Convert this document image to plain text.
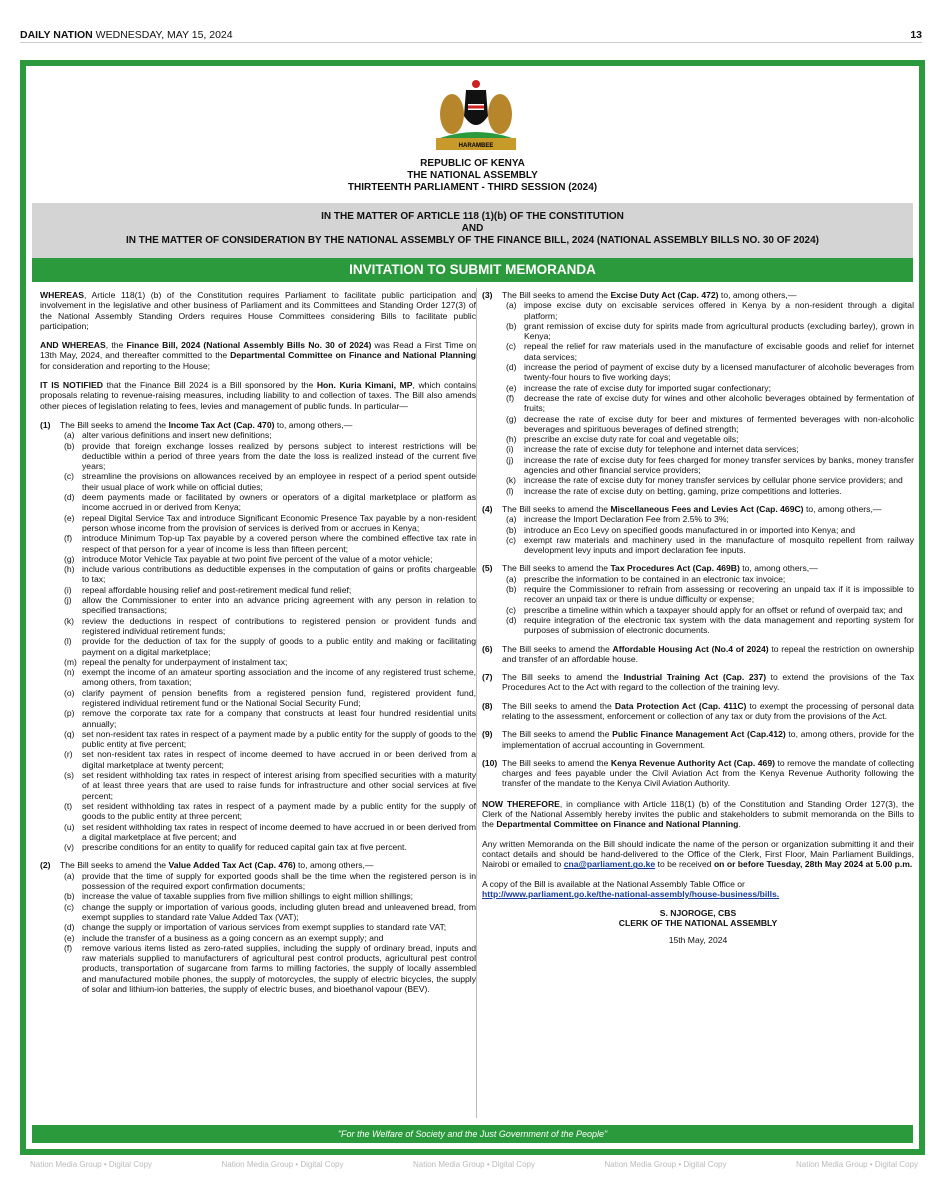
DAILY NATION WEDNESDAY, MAY 15, 2024	13
HARAMBEE
REPUBLIC OF KENYA
THE NATIONAL ASSEMBLY
THIRTEENTH PARLIAMENT - THIRD SESSION (2024)
IN THE MATTER OF ARTICLE 118 (1)(b) OF THE CONSTITUTION
AND
IN THE MATTER OF CONSIDERATION BY THE NATIONAL ASSEMBLY OF THE FINANCE BILL, 2024 (NATIONAL ASSEMBLY BILLS NO. 30 OF 2024)
INVITATION TO SUBMIT MEMORANDA

WHEREAS, Article 118(1) (b) of the Constitution requires Parliament to facilitate public participation and involvement in the legislative and other business of Parliament and its Committees and Standing Order 127(3) of the National Assembly Standing Orders requires House Committees considering Bills to facilitate public participation;

AND WHEREAS, the Finance Bill, 2024 (National Assembly Bills No. 30 of 2024) was Read a First Time on 13th May, 2024, and thereafter committed to the Departmental Committee on Finance and National Planning for consideration and reporting to the House;

IT IS NOTIFIED that the Finance Bill 2024 is a Bill sponsored by the Hon. Kuria Kimani, MP, which contains proposals relating to revenue-raising measures, including liability to and collection of taxes. The Bill also amends other pieces of legislation relating to fees, levies and management of public funds. In particular—

(1)	The Bill seeks to amend the Income Tax Act (Cap. 470) to, among others,—
(a) alter various definitions and insert new definitions;
(b) provide that foreign exchange losses realized by persons subject to interest restrictions will be deductible within a period of three years from the date the loss is realized instead of the current five years;
(c) streamline the provisions on allowances received by an employee in respect of a period spent outside their usual place of work while on official duties;
(d) deem payments made or facilitated by owners or operators of a digital marketplace or platform as income accrued in or derived from Kenya;
(e) repeal Digital Service Tax and introduce Significant Economic Presence Tax payable by a non-resident person whose income from the provision of services is derived from or accrues in Kenya;
(f)	introduce Minimum Top-up Tax payable by a covered person where the combined effective tax rate in respect of that person for a year of income is less than fifteen percent;
(g) introduce Motor Vehicle Tax payable at two point five percent of the value of a motor vehicle;
(h) include various contributions as deductible expenses in the computation of gains or profits chargeable to tax;
(i)	repeal affordable housing relief and post-retirement medical fund relief;
(j)	allow the Commissioner to enter into an advance pricing agreement with any person in relation to specified transactions;
(k) review the deductions in respect of contributions to registered pension or provident funds and registered individual retirement funds;
(l)	provide for the deduction of tax for the supply of goods to a public entity and making or facilitating payment on a digital marketplace;
(m) repeal the penalty for underpayment of instalment tax;
(n) exempt the income of an amateur sporting association and the income of any registered trust scheme, among others, from taxation;
(o) clarify payment of pension benefits from a registered pension fund, registered provident fund, registered individual retirement fund or the National Social Security Fund;
(p) remove the corporate tax rate for a company that constructs at least four hundred residential units annually;
(q) set non-resident tax rates in respect of a payment made by a public entity for the supply of goods to the public entity at five percent;
(r)	set non-resident tax rates in respect of income deemed to have accrued in or been derived from a digital marketplace at twenty percent;
(s) set resident withholding tax rates in respect of interest arising from specified securities with a maturity of at least three years that are used to raise funds for infrastructure and other social services at five percent;
(t)	set resident withholding tax rates in respect of a payment made by a public entity for the supply of goods to the public entity at three percent;
(u) set resident withholding tax rates in respect of income deemed to have accrued in or been derived from a digital marketplace at five percent; and
(v) prescribe conditions for an entity to qualify for reduced capital gain tax at five percent.
(2)	The Bill seeks to amend the Value Added Tax Act (Cap. 476) to, among others,—
(a) provide that the time of supply for exported goods shall be the time when the registered person is in possession of the required export confirmation documents;
(b) increase the value of taxable supplies from five million shillings to eight million shillings;
(c) change the supply or importation of various goods, including gluten bread and unleavened bread, from exempt supplies to standard rate Value Added Tax (VAT);
(d) change the supply or importation of various services from exempt supplies to standard rate VAT;
(e) include the transfer of a business as a going concern as an exempt supply; and
(f)	remove various items listed as zero-rated supplies, including the supply of ordinary bread, inputs and raw materials supplied to manufacturers of agricultural pest control products, agricultural pest control products, transportation of sugarcane from farms to milling factories, the supply of locally assembled and manufactured mobile phones, the supply of motorcycles, the supply of electric bicycles, the supply of solar and lithium-ion batteries, the supply of electric buses, and bioethanol vapour (BEV).
(3)	The Bill seeks to amend the Excise Duty Act (Cap. 472) to, among others,—
(a) impose excise duty on excisable services offered in Kenya by a non-resident through a digital platform;
(b) grant remission of excise duty for spirits made from agricultural products (excluding barley), grown in Kenya;
(c) repeal the relief for raw materials used in the manufacture of excisable goods and relief for internet data services;
(d) increase the period of payment of excise duty by a licensed manufacturer of alcoholic beverages from twenty-four hours to five working days;
(e) increase the rate of excise duty for imported sugar confectionary;
(f)	decrease the rate of excise duty for wines and other alcoholic beverages obtained by fermentation of fruits;
(g) decrease the rate of excise duty for beer and mixtures of fermented beverages with non-alcoholic beverages and spirituous beverages of defined strength;
(h) prescribe an excise duty rate for coal and vegetable oils;
(i)	increase the rate of excise duty for telephone and internet data services;
(j)	increase the rate of excise duty for fees charged for money transfer services by banks, money transfer agencies and other financial service providers;
(k) increase the rate of excise duty for money transfer services by cellular phone service providers; and
(l)	increase the rate of excise duty on betting, gaming, prize competitions and lotteries.
(4)	The Bill seeks to amend the Miscellaneous Fees and Levies Act (Cap. 469C) to, among others,—
(a) increase the Import Declaration Fee from 2.5% to 3%;
(b) introduce an Eco Levy on specified goods manufactured in or imported into Kenya; and
(c) exempt raw materials and machinery used in the manufacture of mosquito repellent from railway development levy inputs and import declaration fee inputs.
(5)	The Bill seeks to amend the Tax Procedures Act (Cap. 469B) to, among others,—
(a) prescribe the information to be contained in an electronic tax invoice;
(b) require the Commissioner to refrain from assessing or recovering an unpaid tax if it is impossible to recover an unpaid tax or there is undue difficulty or expense;
(c) prescribe a timeline within which a taxpayer should apply for an offset or refund of overpaid tax; and
(d) require integration of the electronic tax system with the data management and reporting system for purposes of submission of electronic documents.
(6)	The Bill seeks to amend the Affordable Housing Act (No.4 of 2024) to repeal the restriction on ownership and transfer of an affordable house.
(7)	The Bill seeks to amend the Industrial Training Act (Cap. 237) to extend the provisions of the Tax Procedures Act to the Act with regard to the collection of the training levy.
(8)	The Bill seeks to amend the Data Protection Act (Cap. 411C) to exempt the processing of personal data relating to the assessment, enforcement or collection of any tax or duty from the provisions of the Act.
(9)	The Bill seeks to amend the Public Finance Management Act (Cap.412) to, among others, provide for the implementation of accrual accounting in Government.
(10) The Bill seeks to amend the Kenya Revenue Authority Act (Cap. 469) to remove the mandate of collecting charges and fees payable under the Civil Aviation Act from the Kenya Revenue Authority following the transfer of the mandate to the Kenya Civil Aviation Authority.

NOW THEREFORE, in compliance with Article 118(1) (b) of the Constitution and Standing Order 127(3), the Clerk of the National Assembly hereby invites the public and stakeholders to submit memoranda on the Bills to the Departmental Committee on Finance and National Planning.

Any written Memoranda on the Bill should indicate the name of the person or organization submitting it and their contact details and should be hand-delivered to the Office of the Clerk, First Floor, Main Parliament Buildings, Nairobi or emailed to cna@parliament.go.ke to be received on or before Tuesday, 28th May 2024 at 5.00 p.m.

A copy of the Bill is available at the National Assembly Table Office or
http://www.parliament.go.ke/the-national-assembly/house-business/bills.

S. NJOROGE, CBS
CLERK OF THE NATIONAL ASSEMBLY
15th May, 2024
"For the Welfare of Society and the Just Government of the People"
Nation Media Group • Digital Copy	Nation Media Group • Digital Copy	Nation Media Group • Digital Copy	Nation Media Group • Digital Copy	Nation Media Group • Digital Copy
